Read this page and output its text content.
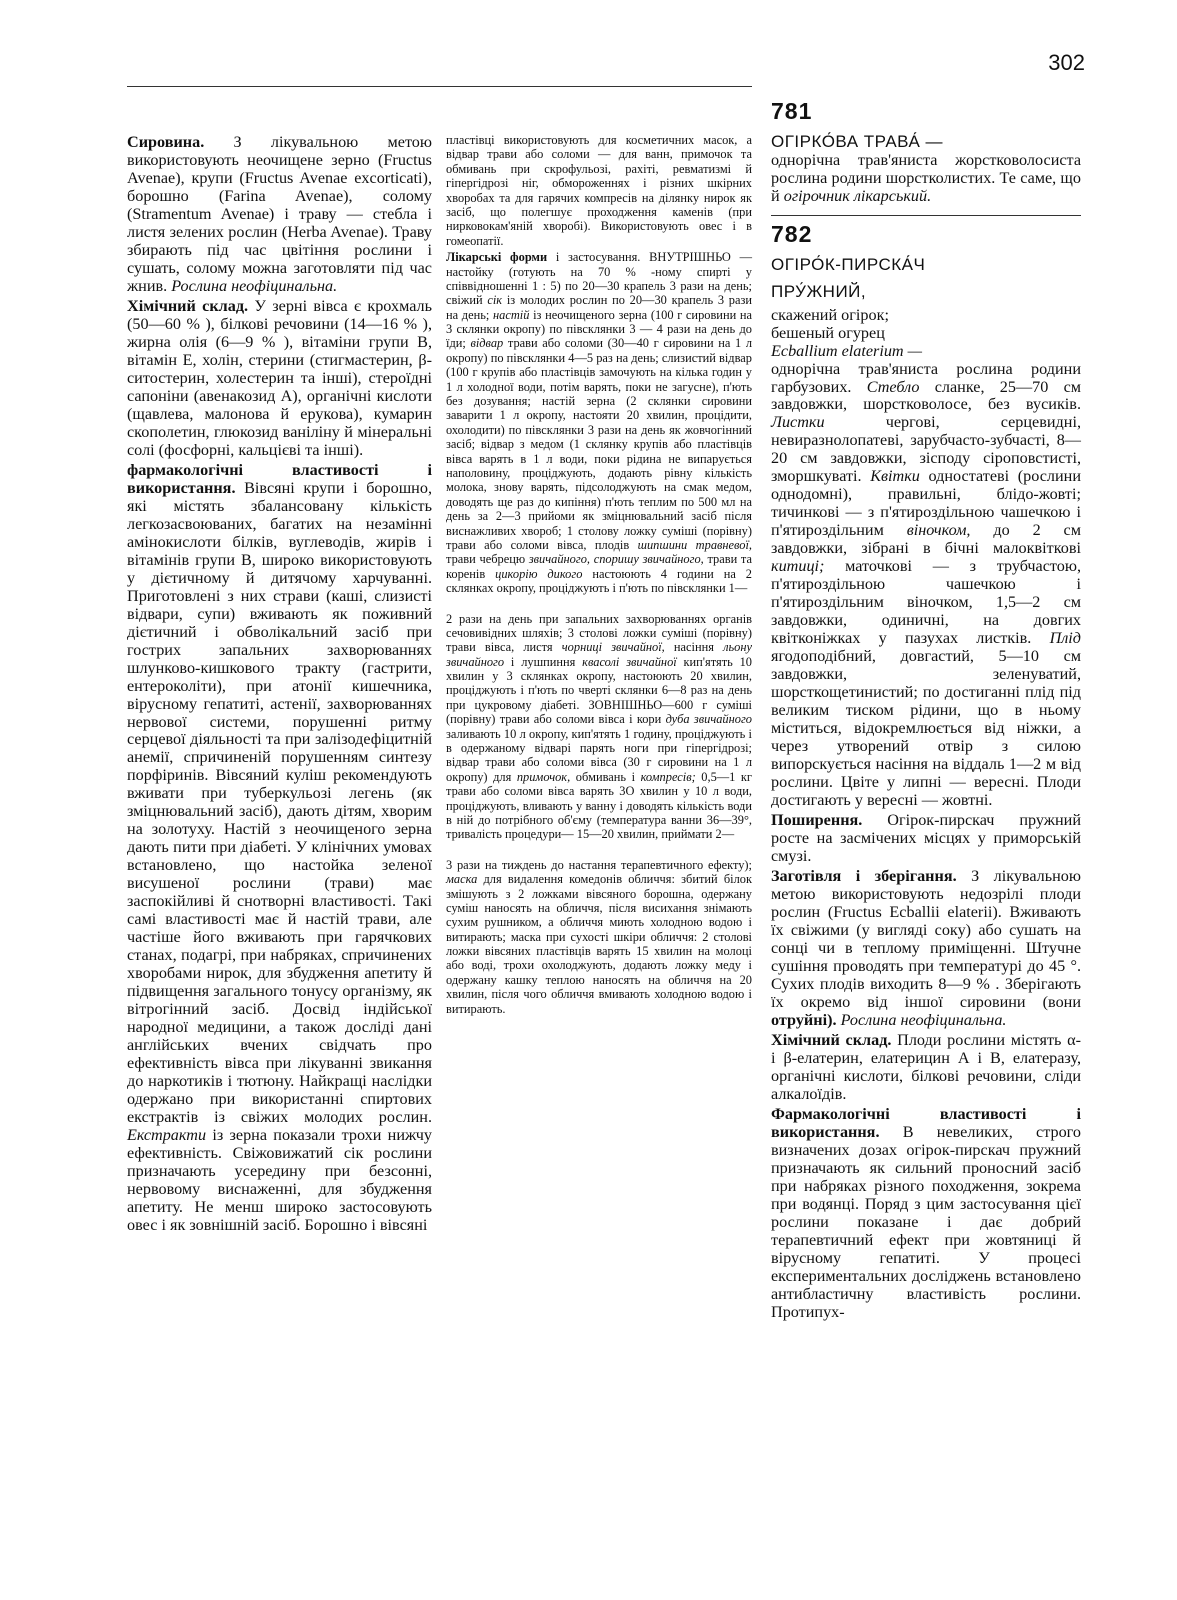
302

Сировина. З лікувальною метою використовують неочищене зерно (Fructus Avenae), крупи (Fructus Avenae excorticati), борошно (Farina Avenae), солому (Stramentum Avenae) і траву — стебла і листя зелених рослин (Herba Avenae). Траву збирають під час цвітіння рослини і сушать, солому можна заготовляти під час жнив. Рослина неофіцинальна.

Хімічний склад. У зерні вівса є крохмаль (50—60 % ), білкові речовини (14—16 % ), жирна олія (6—9 % ), вітаміни групи В, вітамін Е, холін, стерини (стигмастерин, β-ситостерин, холестерин та інші), стероїдні сапоніни (авенакозид А), органічні кислоти (щавлева, малонова й ерукова), кумарин скополетин, глюкозид ваніліну й мінеральні солі (фосфорні, кальцієві та інші).

фармакологічні властивості і використання. Вівсяні крупи і борошно, які містять збалансовану кількість легкозасвоюваних, багатих на незамінні амінокислоти білків, вуглеводів, жирів і вітамінів групи В, широко використовують у дієтичному й дитячому харчуванні. Приготовлені з них страви (каші, слизисті відвари, супи) вживають як поживний дієтичний і обволікальний засіб при гострих запальних захворюваннях шлунково-кишкового тракту (гастрити, ентероколіти), при атонії кишечника, вірусному гепатиті, астенії, захворюваннях нервової системи, порушенні ритму серцевої діяльності та при залізодефіцитній анемії, спричиненій порушенням синтезу порфіринів. Вівсяний куліш рекомендують вживати при туберкульозі легень (як зміцнювальний засіб), дають дітям, хворим на золотуху. Настій з неочищеного зерна дають пити при діабеті. У клінічних умовах встановлено, що настойка зеленої висушеної рослини (трави) має заспокійливі й снотворні властивості. Такі самі властивості має й настій трави, але частіше його вживають при гарячкових станах, подагрі, при набряках, спричинених хворобами нирок, для збудження апетиту й підвищення загального тонусу організму, як вітрогінний засіб. Досвід індійської народної медицини, а також досліді дані англійських вчених свідчать про ефективність вівса при лікуванні звикання до наркотиків і тютюну. Найкращі наслідки одержано при використанні спиртових екстрактів із свіжих молодих рослин. Екстракти із зерна показали трохи нижчу ефективність. Свіжовижатий сік рослини призначають усередину при безсонні, нервовому виснаженні, для збудження апетиту. Не менш широко застосовують овес і як зовнішній засіб. Борошно і вівсяні

пластівці використовують для косметичних масок, а відвар трави або соломи — для ванн, примочок та обмивань при скрофульозі, рахіті, ревматизмі й гіпергідрозі ніг, обмороженнях і різних шкірних хворобах та для гарячих компресів на ділянку нирок як засіб, що полегшує проходження каменів (при нирковокам'яній хворобі). Використовують овес і в гомеопатії.

Лікарські форми і застосування. ВНУТРІШНЬО — настойку (готують на 70 % -ному спирті у співвідношенні 1 : 5) по 20—30 крапель 3 рази на день; свіжий сік із молодих рослин по 20—30 крапель 3 рази на день; настій із неочищеного зерна (100 г сировини на 3 склянки окропу) по півсклянки 3 — 4 рази на день до їди; відвар трави або соломи (30—40 г сировини на 1 л окропу) по півсклянки 4—5 раз на день; слизистий відвар (100 г крупів або пластівців замочують на кілька годин у 1 л холодної води, потім варять, поки не загусне), п'ють без дозування; настій зерна (2 склянки сировини заварити 1 л окропу, настояти 20 хвилин, процідити, охолодити) по півсклянки 3 рази на день як жовчогінний засіб; відвар з медом (1 склянку крупів або пластівців вівса варять в 1 л води, поки рідина не випарується наполовину, проціджують, додають рівну кількість молока, знову варять, підсолоджують на смак медом, доводять ще раз до кипіння) п'ють теплим по 500 мл на день за 2—3 прийоми як зміцнювальний засіб після виснажливих хвороб; 1 столову ложку суміші (порівну) трави або соломи вівса, плодів шипшини травневої, трави чебрецю звичайного, споришу звичайного, трави та коренів цикорію дикого настоюють 4 години на 2 склянках окропу, проціджують і п'ють по півсклянки 1—

2 рази на день при запальних захворюваннях органів сечовивідних шляхів; 3 столові ложки суміші (порівну) трави вівса, листя чорниці звичайної, насіння льону звичайного і лушпиння квасолі звичайної кип'ятять 10 хвилин у 3 склянках окропу, настоюють 20 хвилин, проціджують і п'ють по чверті склянки 6—8 раз на день при цукровому діабеті. ЗОВНІШНЬО—600 г суміші (порівну) трави або соломи вівса і кори дуба звичайного заливають 10 л окропу, кип'ятять 1 годину, проціджують і в одержаному відварі парять ноги при гіпергідрозі; відвар трави або соломи вівса (30 г сировини на 1 л окропу) для примочок, обмивань і компресів; 0,5—1 кг трави або соломи вівса варять 3О хвилин у 10 л води, проціджують, вливають у ванну і доводять кількість води в ній до потрібного об'єму (температура ванни 36—39°, тривалість процедури— 15—20 хвилин, приймати 2—

3 рази на тиждень до настання терапевтичного ефекту); маска для видалення комедонів обличчя: збитий білок змішують з 2 ложками вівсяного борошна, одержану суміш наносять на обличчя, після висихання знімають сухим рушником, а обличчя миють холодною водою і витирають; маска при сухості шкіри обличчя: 2 столові ложки вівсяних пластівців варять 15 хвилин на молоці або воді, трохи охолоджують, додають ложку меду і одержану кашку теплою наносять на обличчя на 20 хвилин, після чого обличчя вмивають холодною водою і витирають.

781
ОГІРКО́ВА ТРАВА́ —

однорічна трав'яниста жорстковолосиста рослина родини шорстколистих. Те саме, що й огірочник лікарський.

782
ОГІРО́К-ПИРСКА́Ч
ПРУ́ЖНИЙ,
скажений огірок;
бешеный огурец
Ecballium elaterium —

однорічна трав'яниста рослина родини гарбузових. Стебло сланке, 25—70 см завдовжки, шорстковолосе, без вусиків. Листки чергові, серцевидні, невиразнолопатеві, зарубчасто-зубчасті, 8—20 см завдовжки, зісподу сіроповстисті, зморшкуваті. Квітки одностатеві (рослини однодомні), правильні, блідо-жовті; тичинкові — з п'ятироздільною чашечкою і п'ятироздільним віночком, до 2 см завдовжки, зібрані в бічні малоквіткові китиці; маточкові — з трубчастою, п'ятироздільною чашечкою і п'ятироздільним віночком, 1,5—2 см завдовжки, одиничні, на довгих квітконіжках у пазухах листків. Плід ягодоподібний, довгастий, 5—10 см завдовжки, зеленуватий, шорсткощетинистий; по достиганні плід під великим тиском рідини, що в ньому міститься, відокремлюється від ніжки, а через утворений отвір з силою випорскується насіння на віддаль 1—2 м від рослини. Цвіте у липні — вересні. Плоди достигають у вересні — жовтні.

Поширення. Огірок-пирскач пружний росте на засмічених місцях у приморській смузі.

Заготівля і зберігання. З лікувальною метою використовують недозрілі плоди рослин (Fructus Ecballii elaterii). Вживають їх свіжими (у вигляді соку) або сушать на сонці чи в теплому приміщенні. Штучне сушіння проводять при температурі до 45 °. Сухих плодів виходить 8—9 % . Зберігають їх окремо від іншої сировини (вони отруйні). Рослина неофіцинальна.

Хімічний склад. Плоди рослини містять α- і β-елатерин, елатерицин А і В, елатеразу, органічні кислоти, білкові речовини, сліди алкалоїдів.

Фармакологічні властивості і використання. В невеликих, строго визначених дозах огірок-пирскач пружний призначають як сильний проносний засіб при набряках різного походження, зокрема при водянці. Поряд з цим застосування цієї рослини показане і дає добрий терапевтичний ефект при жовтяниці й вірусному гепатиті. У процесі експериментальних досліджень встановлено антибластичну властивість рослини. Протипух-
